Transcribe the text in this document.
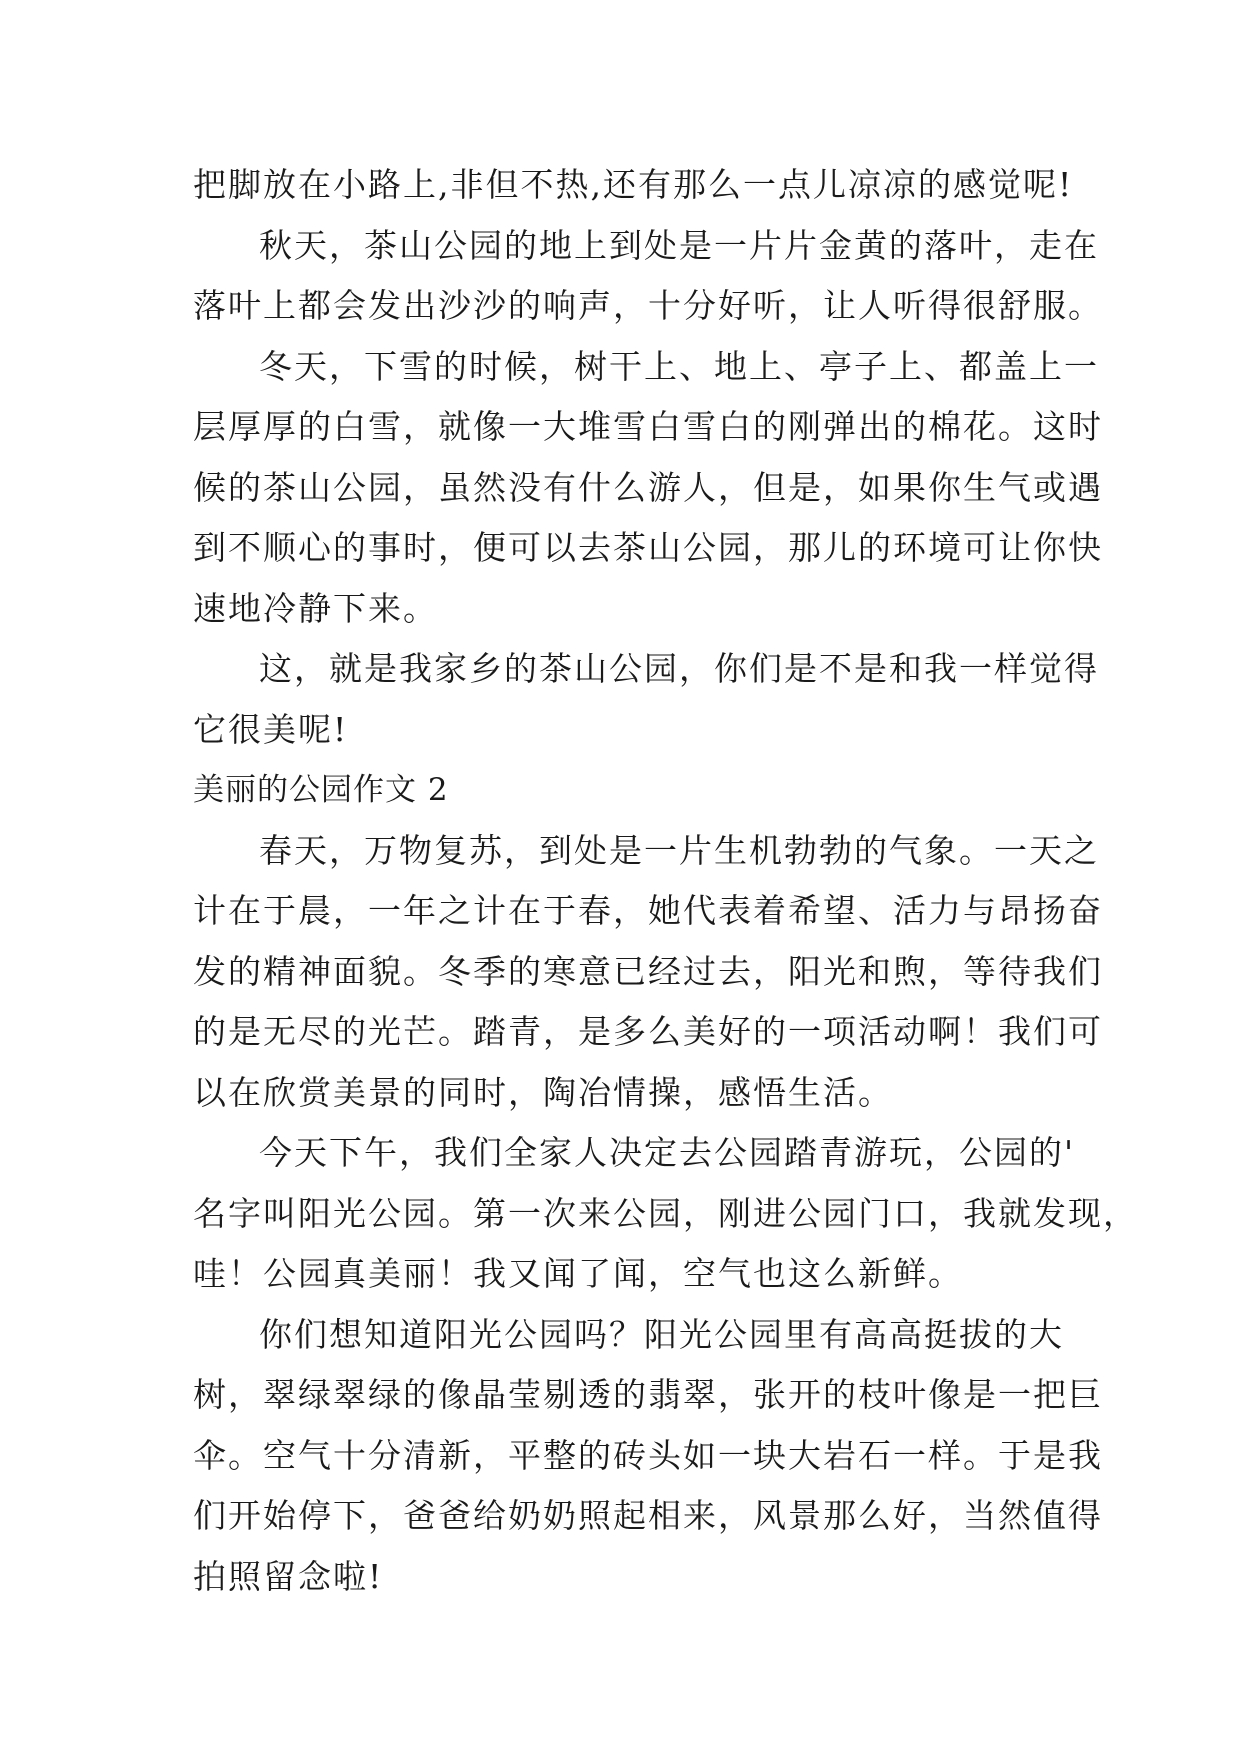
把脚放在小路上,非但不热,还有那么一点儿凉凉的感觉呢!
秋天，茶山公园的地上到处是一片片金黄的落叶，走在
落叶上都会发出沙沙的响声，十分好听，让人听得很舒服。
冬天，下雪的时候，树干上、地上、亭子上、都盖上一
层厚厚的白雪，就像一大堆雪白雪白的刚弹出的棉花。这时
候的茶山公园，虽然没有什么游人，但是，如果你生气或遇
到不顺心的事时，便可以去茶山公园，那儿的环境可让你快
速地冷静下来。
这，就是我家乡的茶山公园，你们是不是和我一样觉得
它很美呢!
美丽的公园作文 2
春天，万物复苏，到处是一片生机勃勃的气象。一天之
计在于晨，一年之计在于春，她代表着希望、活力与昂扬奋
发的精神面貌。冬季的寒意已经过去，阳光和煦，等待我们
的是无尽的光芒。踏青，是多么美好的一项活动啊！我们可
以在欣赏美景的同时，陶冶情操，感悟生活。
今天下午，我们全家人决定去公园踏青游玩，公园的'
名字叫阳光公园。第一次来公园，刚进公园门口，我就发现，
哇！公园真美丽！我又闻了闻，空气也这么新鲜。
你们想知道阳光公园吗？阳光公园里有高高挺拔的大
树，翠绿翠绿的像晶莹剔透的翡翠，张开的枝叶像是一把巨
伞。空气十分清新，平整的砖头如一块大岩石一样。于是我
们开始停下，爸爸给奶奶照起相来，风景那么好，当然值得
拍照留念啦!
